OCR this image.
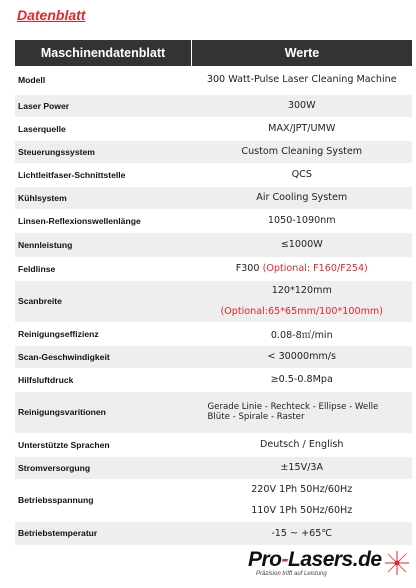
Datenblatt
Maschinendatenblatt	Werte
Modell	300 Watt-Pulse Laser Cleaning Machine
Laser Power	300W
Laserquelle	MAX/JPT/UMW
Steuerungssystem	Custom Cleaning System
Lichtleitfaser-Schnittstelle	QCS
Kühlsystem	Air Cooling System
Linsen-Reflexionswellenlänge	1050-1090nm
Nennleistung	≤1000W
Feldlinse	F300 (Optional: F160/F254)
Scanbreite	120*120mm
(Optional:65*65mm/100*100mm)

Reinigungseffizienz	0.08-8㎡/min
Scan-Geschwindigkeit	< 30000mm/s
Hilfsluftdruck	≥0.5-0.8Mpa
Reinigungsvaritionen	Gerade Linie - Rechteck - Ellipse - Welle
Blüte - Spirale - Raster

Unterstützte Sprachen	Deutsch / English
Stromversorgung	±15V/3A
Betriebsspannung	220V 1Ph 50Hz/60Hz
110V 1Ph 50Hz/60Hz

Betriebstemperatur	-15 ~ +65℃
Pro-Lasers.de
Präzision trifft auf Leistung
